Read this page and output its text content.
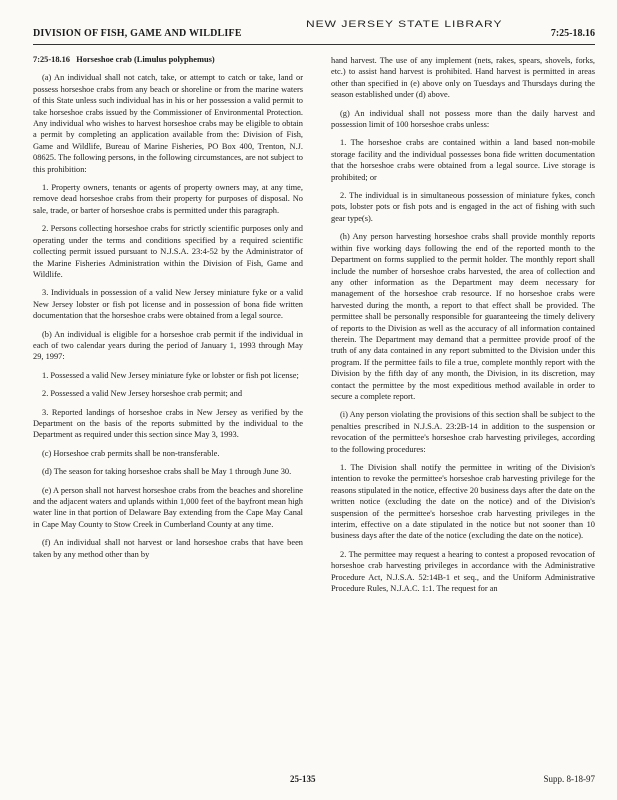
DIVISION OF FISH, GAME AND WILDLIFE
NEW JERSEY STATE LIBRARY
7:25-18.16

7:25-18.16 Horseshoe crab (Limulus polyphemus)

(a) An individual shall not catch, take, or attempt to catch or take, land or possess horseshoe crabs from any beach or shoreline or from the marine waters of this State unless such individual has in his or her possession a valid permit to take horseshoe crabs issued by the Commissioner of Environmental Protection. Any individual who wishes to harvest horseshoe crabs may be eligible to obtain a permit by completing an application available from the: Division of Fish, Game and Wildlife, Bureau of Marine Fisheries, PO Box 400, Trenton, N.J. 08625. The following persons, in the following circumstances, are not subject to this prohibition:

1. Property owners, tenants or agents of property owners may, at any time, remove dead horseshoe crabs from their property for purposes of disposal. No sale, trade, or barter of horseshoe crabs is permitted under this paragraph.

2. Persons collecting horseshoe crabs for strictly scientific purposes only and operating under the terms and conditions specified by a required scientific collecting permit issued pursuant to N.J.S.A. 23:4-52 by the Administrator of the Marine Fisheries Administration within the Division of Fish, Game and Wildlife.

3. Individuals in possession of a valid New Jersey miniature fyke or a valid New Jersey lobster or fish pot license and in possession of bona fide written documentation that the horseshoe crabs were obtained from a legal source.

(b) An individual is eligible for a horseshoe crab permit if the individual in each of two calendar years during the period of January 1, 1993 through May 29, 1997:

1. Possessed a valid New Jersey miniature fyke or lobster or fish pot license;

2. Possessed a valid New Jersey horseshoe crab permit; and

3. Reported landings of horseshoe crabs in New Jersey as verified by the Department on the basis of the reports submitted by the individual to the Department as required under this section since May 3, 1993.

(c) Horseshoe crab permits shall be non-transferable.

(d) The season for taking horseshoe crabs shall be May 1 through June 30.

(e) A person shall not harvest horseshoe crabs from the beaches and shoreline and the adjacent waters and uplands within 1,000 feet of the bayfront mean high water line in that portion of Delaware Bay extending from the Cape May Canal in Cape May County to Stow Creek in Cumberland County at any time.

(f) An individual shall not harvest or land horseshoe crabs that have been taken by any method other than by

hand harvest. The use of any implement (nets, rakes, spears, shovels, forks, etc.) to assist hand harvest is prohibited. Hand harvest is permitted in areas other than specified in (e) above only on Tuesdays and Thursdays during the season established under (d) above.

(g) An individual shall not possess more than the daily harvest and possession limit of 100 horseshoe crabs unless:

1. The horseshoe crabs are contained within a land based non-mobile storage facility and the individual possesses bona fide written documentation that the horseshoe crabs were obtained from a legal source. Live storage is prohibited; or

2. The individual is in simultaneous possession of miniature fykes, conch pots, lobster pots or fish pots and is engaged in the act of fishing with such gear type(s).

(h) Any person harvesting horseshoe crabs shall provide monthly reports within five working days following the end of the reported month to the Department on forms supplied to the permit holder. The monthly report shall include the number of horseshoe crabs harvested, the area of collection and any other information as the Department may deem necessary for management of the horseshoe crab resource. If no horseshoe crabs were harvested during the month, a report to that effect shall be provided. The permittee shall be personally responsible for guaranteeing the timely delivery of reports to the Division as well as the accuracy of all information contained therein. The Department may demand that a permittee provide proof of the truth of any data contained in any report submitted to the Division under this program. If the permittee fails to file a true, complete monthly report with the Division by the fifth day of any month, the Division, in its discretion, may contact the permittee by the most expeditious method available in order to secure a complete report.

(i) Any person violating the provisions of this section shall be subject to the penalties prescribed in N.J.S.A. 23:2B-14 in addition to the suspension or revocation of the permittee's horseshoe crab harvesting privileges, according to the following procedures:

1. The Division shall notify the permittee in writing of the Division's intention to revoke the permittee's horseshoe crab harvesting privilege for the reasons stipulated in the notice, effective 20 business days after the date on the written notice (excluding the date on the notice) and of the Division's suspension of the permittee's horseshoe crab harvesting privileges in the interim, effective on a date stipulated in the notice but not sooner than 10 business days after the date of the notice (excluding the date on the notice).

2. The permittee may request a hearing to contest a proposed revocation of horseshoe crab harvesting privileges in accordance with the Administrative Procedure Act, N.J.S.A. 52:14B-1 et seq., and the Uniform Administrative Procedure Rules, N.J.A.C. 1:1. The request for an

25-135	Supp. 8-18-97
